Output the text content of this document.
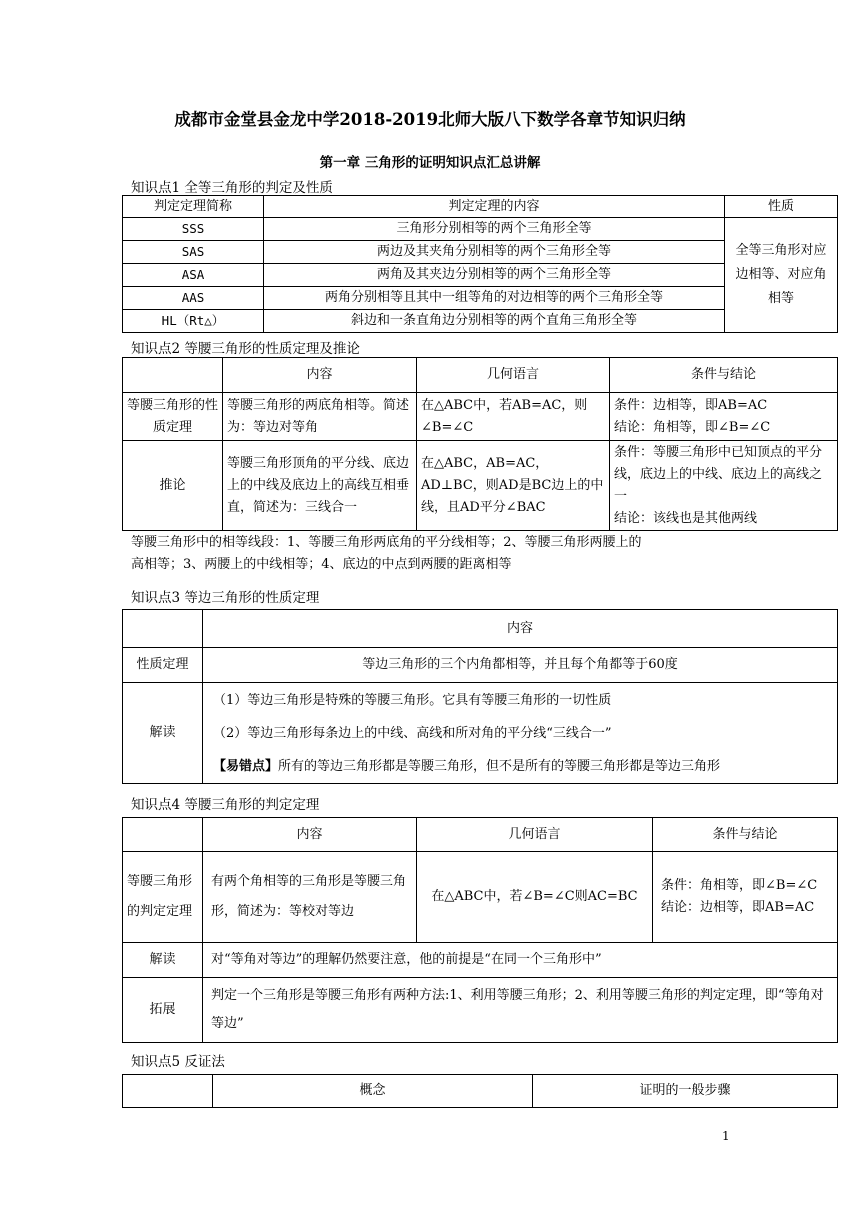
成都市金堂县金龙中学2018-2019北师大版八下数学各章节知识归纳
第一章 三角形的证明知识点汇总讲解
知识点1 全等三角形的判定及性质
判定定理简称	判定定理的内容	性质
SSS	三角形分别相等的两个三角形全等	全等三角形对应边相等、对应角相等
SAS	两边及其夹角分别相等的两个三角形全等	
ASA	两角及其夹边分别相等的两个三角形全等	
AAS	两角分别相等且其中一组等角的对边相等的两个三角形全等	
HL（Rt△）	斜边和一条直角边分别相等的两个直角三角形全等	
知识点2 等腰三角形的性质定理及推论
	内容	几何语言	条件与结论
等腰三角形的性质定理	等腰三角形的两底角相等。简述为：等边对等角	在△ABC中，若AB=AC，则∠B=∠C	条件：边相等，即AB=AC

结论：角相等，即∠B=∠C

推论	等腰三角形顶角的平分线、底边上的中线及底边上的高线互相垂直，简述为：三线合一	在△ABC，AB=AC，AD⊥BC，则AD是BC边上的中线，且AD平分∠BAC	条件：等腰三角形中已知顶点的平分线，底边上的中线、底边上的高线之一

结论：该线也是其他两线

等腰三角形中的相等线段：1、等腰三角形两底角的平分线相等；2、等腰三角形两腰上的
高相等；3、两腰上的中线相等；4、底边的中点到两腰的距离相等
知识点3 等边三角形的性质定理
	内容
性质定理	等边三角形的三个内角都相等，并且每个角都等于60度
解读	（1）等边三角形是特殊的等腰三角形。它具有等腰三角形的一切性质

（2）等边三角形每条边上的中线、高线和所对角的平分线“三线合一”

【易错点】所有的等边三角形都是等腰三角形，但不是所有的等腰三角形都是等边三角形

知识点4 等腰三角形的判定定理
	内容	几何语言	条件与结论
等腰三角形的判定定理	有两个角相等的三角形是等腰三角形，简述为：等校对等边	在△ABC中，若∠B=∠C则AC=BC	条件：角相等，即∠B=∠C

结论：边相等，即AB=AC

解读	对“等角对等边”的理解仍然要注意，他的前提是“在同一个三角形中”		
拓展	判定一个三角形是等腰三角形有两种方法:1、利用等腰三角形；2、利用等腰三角形的判定定理，即“等角对等边”		
知识点5 反证法
	概念	证明的一般步骤
1
